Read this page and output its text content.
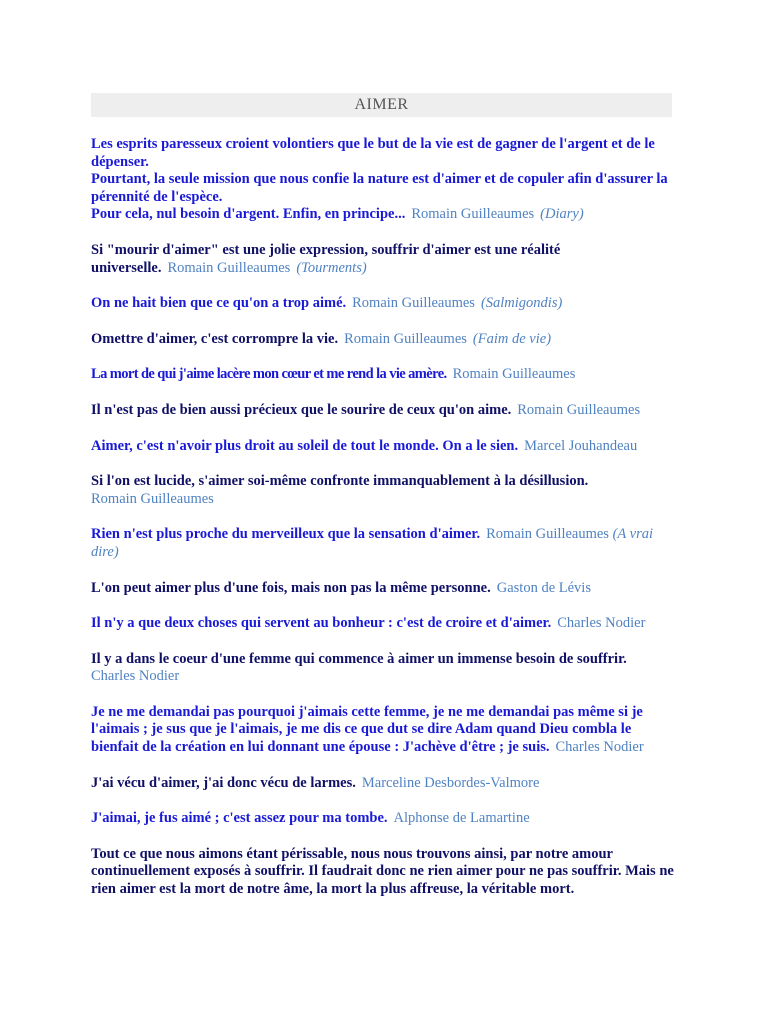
AIMER

Les esprits paresseux croient volontiers que le but de la vie est de gagner de l'argent et de le dépenser.
Pourtant, la seule mission que nous confie la nature est d'aimer et de copuler afin d'assurer la pérennité de l'espèce.
Pour cela, nul besoin d'argent. Enfin, en principe... Romain Guilleaumes (Diary)

Si "mourir d'aimer" est une jolie expression, souffrir d'aimer est une réalité universelle. Romain Guilleaumes (Tourments)

On ne hait bien que ce qu'on a trop aimé. Romain Guilleaumes (Salmigondis)

Omettre d'aimer, c'est corrompre la vie. Romain Guilleaumes (Faim de vie)

La mort de qui j'aime lacère mon cœur et me rend la vie amère. Romain Guilleaumes

Il n'est pas de bien aussi précieux que le sourire de ceux qu'on aime. Romain Guilleaumes

Aimer, c'est n'avoir plus droit au soleil de tout le monde. On a le sien. Marcel Jouhandeau

Si l'on est lucide, s'aimer soi-même confronte immanquablement à la désillusion.
Romain Guilleaumes

Rien n'est plus proche du merveilleux que la sensation d'aimer. Romain Guilleaumes (A vrai dire)

L'on peut aimer plus d'une fois, mais non pas la même personne. Gaston de Lévis

Il n'y a que deux choses qui servent au bonheur : c'est de croire et d'aimer. Charles Nodier

Il y a dans le coeur d'une femme qui commence à aimer un immense besoin de souffrir.
Charles Nodier

Je ne me demandai pas pourquoi j'aimais cette femme, je ne me demandai pas même si je l'aimais ; je sus que je l'aimais, je me dis ce que dut se dire Adam quand Dieu combla le bienfait de la création en lui donnant une épouse : J'achève d'être ; je suis. Charles Nodier

J'ai vécu d'aimer, j'ai donc vécu de larmes. Marceline Desbordes-Valmore

J'aimai, je fus aimé ; c'est assez pour ma tombe. Alphonse de Lamartine

Tout ce que nous aimons étant périssable, nous nous trouvons ainsi, par notre amour continuellement exposés à souffrir. Il faudrait donc ne rien aimer pour ne pas souffrir. Mais ne rien aimer est la mort de notre âme, la mort la plus affreuse, la véritable mort.
